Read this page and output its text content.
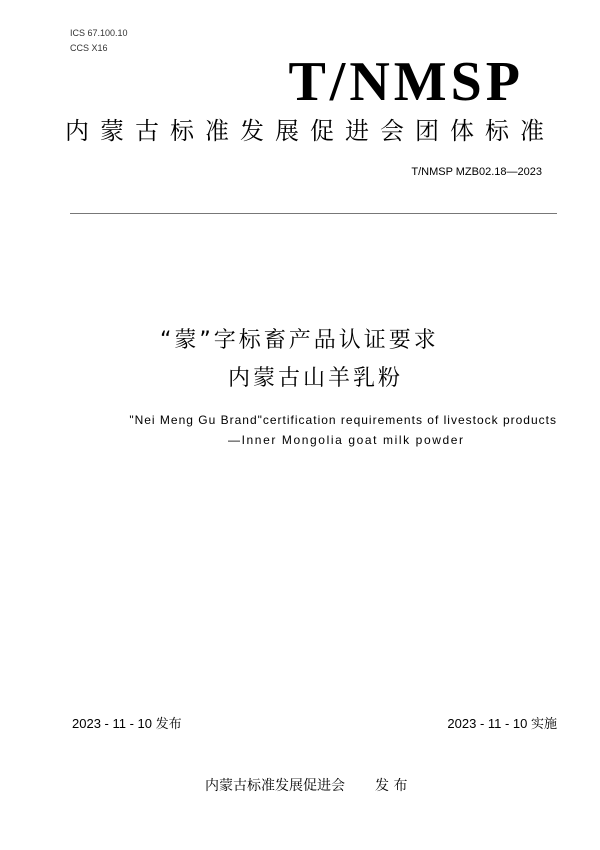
ICS 67.100.10
CCS X16
T/NMSP
内蒙古标准发展促进会团体标准
T/NMSP MZB02.18—2023
“蒙”字标畜产品认证要求
内蒙古山羊乳粉
"Nei Meng Gu Brand"certification requirements of livestock products
—Inner Mongolia goat milk powder
2023 - 11 - 10 发布	2023 - 11 - 10 实施
内蒙古标准发展促进会 发 布
